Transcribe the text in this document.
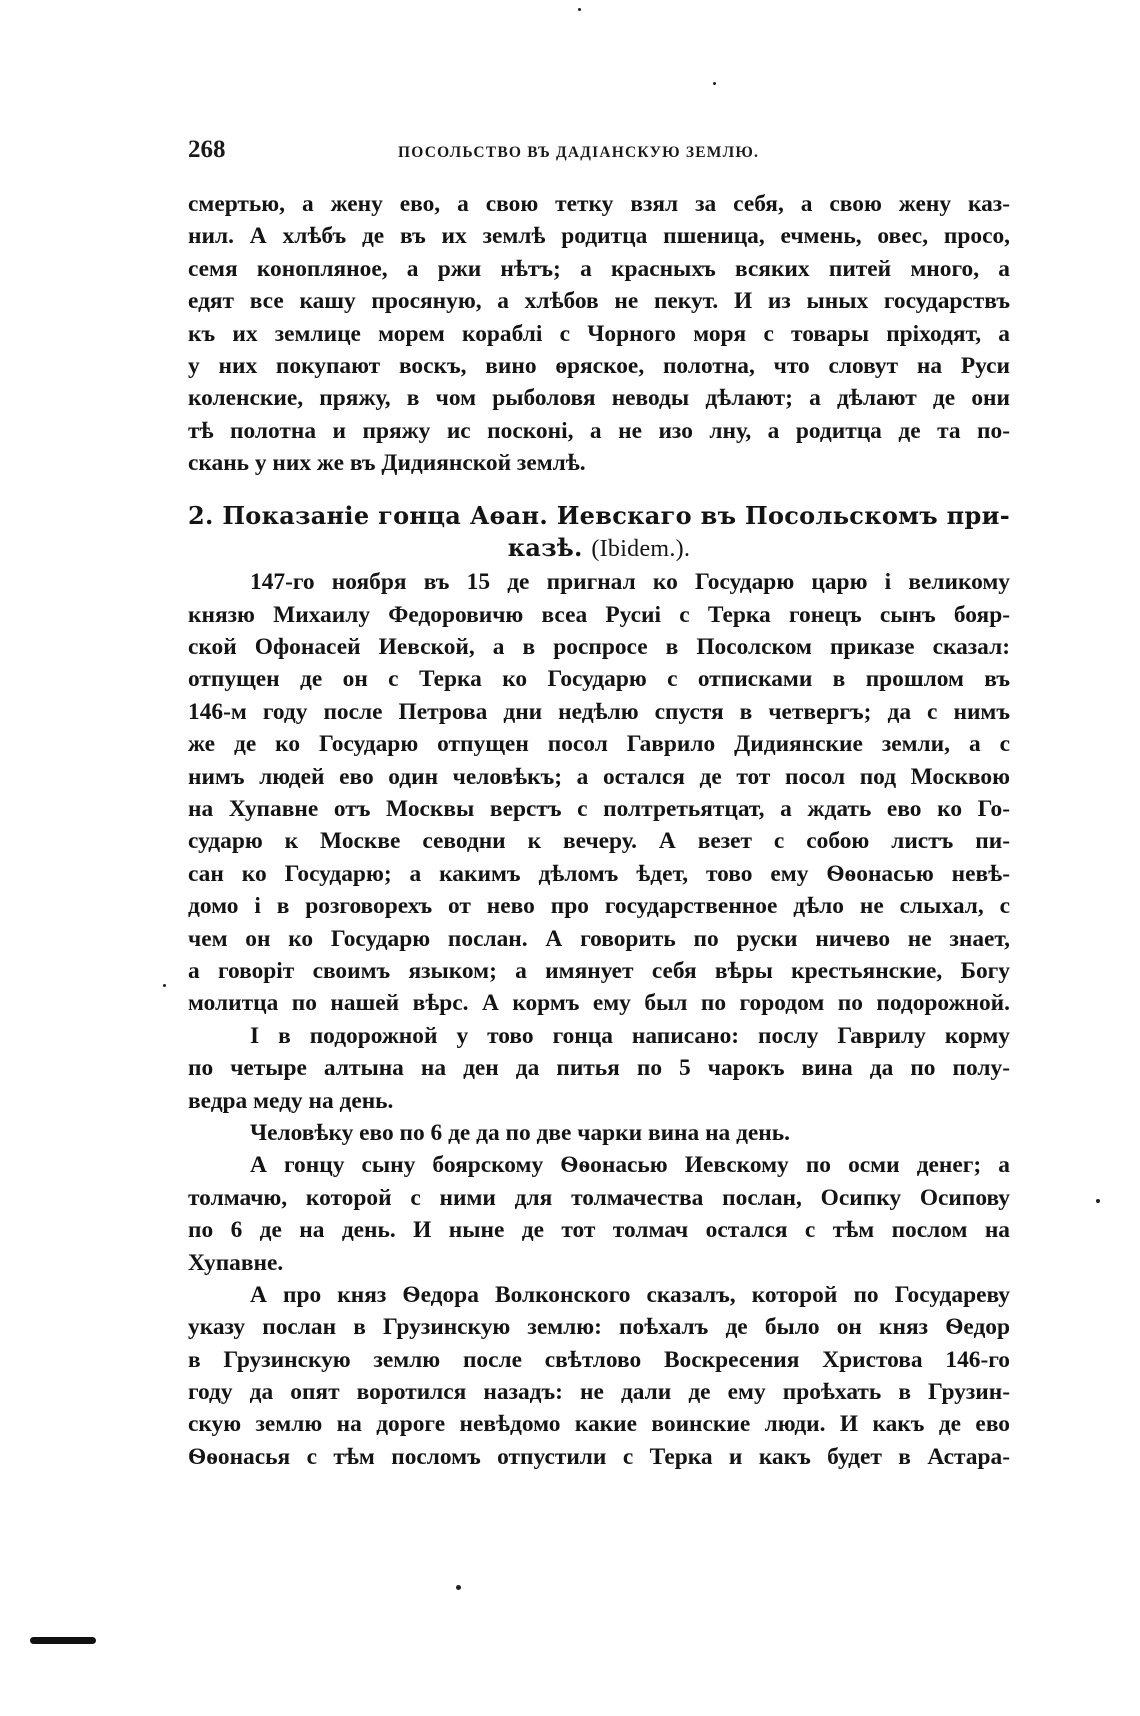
268	ПОСОЛЬСТВО ВЪ ДАДІАНСКУЮ ЗЕМЛЮ.
смертью, а жену ево, а свою тетку взял за себя, а свою жену каз-
нил. А хлѣбъ де въ их землѣ родитца пшеница, ечмень, овес, просо,
семя конопляное, а ржи нѣтъ; а красныхъ всяких питей много, а
едят все кашу просяную, а хлѣбов не пекут. И из ыных государствъ
къ их землице морем кораблі с Чорного моря с товары пріходят, а
у них покупают воскъ, вино ѳряское, полотна, что словут на Руси
коленские, пряжу, в чом рыболовя неводы дѣлают; а дѣлают де они
тѣ полотна и пряжу ис посконі, а не изо лну, а родитца де та по-
скань у них же въ Дидиянской землѣ.
2. Показаніе гонца Аѳан. Иевскаго въ Посольскомъ при-
казѣ. (Ibidem.).
147-го ноября въ 15 де пригнал ко Государю царю і великому
князю Михаилу Федоровичю всеа Русиі с Терка гонецъ сынъ бояр-
ской Офонасей Иевской, а в роспросе в Посолском приказе сказал:
отпущен де он с Терка ко Государю с отписками в прошлом въ
146-м году после Петрова дни недѣлю спустя в четвергъ; да с нимъ
же де ко Государю отпущен посол Гаврило Дидиянские земли, а с
нимъ людей ево один человѣкъ; а остался де тот посол под Москвою
на Хупавне отъ Москвы верстъ с полтретьятцат, а ждать ево ко Го-
сударю к Москве севодни к вечеру. А везет с собою листъ пи-
сан ко Государю; а какимъ дѣломъ ѣдет, тово ему Ѳѳонасью невѣ-
домо і в розговорехъ от нево про государственное дѣло не слыхал, с
чем он ко Государю послан. А говорить по руски ничево не знает,
а говоріт своимъ языком; а имянует себя вѣры крестьянские, Богу
молитца по нашей вѣрс. А кормъ ему был по городом по подорожной.
І в подорожной у тово гонца написано: послу Гаврилу корму
по четыре алтына на ден да питья по 5 чарокъ вина да по полу-
ведра меду на день.
Человѣку ево по 6 де да по две чарки вина на день.
А гонцу сыну боярскому Ѳѳонасью Иевскому по осми денег; а
толмачю, которой с ними для толмачества послан, Осипку Осипову
по 6 де на день. И ныне де тот толмач остался с тѣм послом на
Хупавне.
А про княз Ѳедора Волконского сказалъ, которой по Государеву
указу послан в Грузинскую землю: поѣхалъ де было он княз Ѳедор
в Грузинскую землю после свѣтлово Воскресения Христова 146-го
году да опят воротился назадъ: не дали де ему проѣхать в Грузин-
скую землю на дороге невѣдомо какие воинские люди. И какъ де ево
Ѳѳонасья с тѣм посломъ отпустили с Терка и какъ будет в Астара-
